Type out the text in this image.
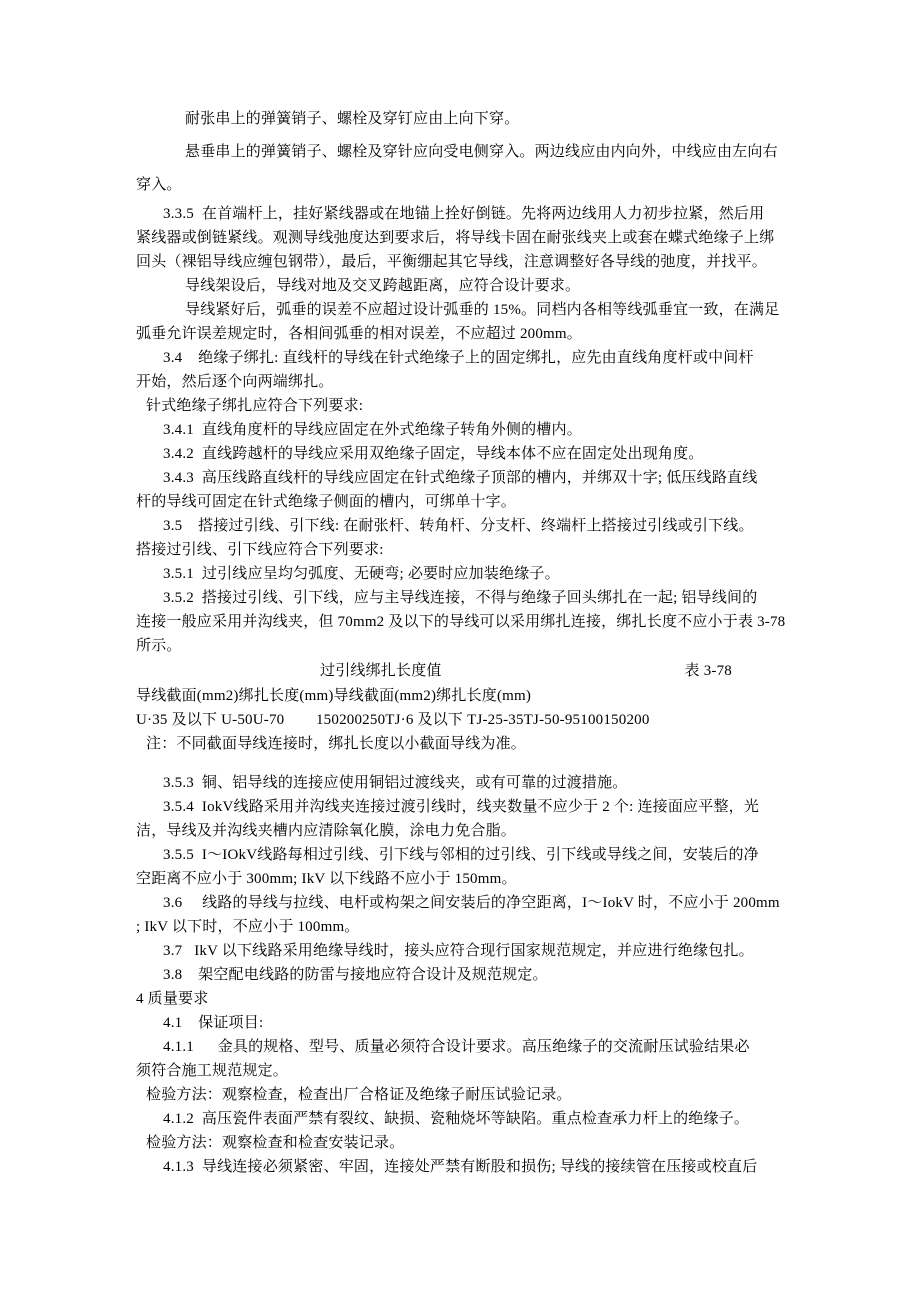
耐张串上的弹簧销子、螺栓及穿钉应由上向下穿。
悬垂串上的弹簧销子、螺栓及穿针应向受电侧穿入。两边线应由内向外，中线应由左向右
穿入。
3.3.5  在首端杆上，挂好紧线器或在地锚上拴好倒链。先将两边线用人力初步拉紧，然后用
紧线器或倒链紧线。观测导线弛度达到要求后，将导线卡固在耐张线夹上或套在蝶式绝缘子上绑
回头（裸铝导线应缠包钢带），最后，平衡绷起其它导线，注意调整好各导线的弛度，并找平。
导线架设后，导线对地及交叉跨越距离，应符合设计要求。
导线紧好后，弧垂的误差不应超过设计弧垂的 15%。同档内各相等线弧垂宜一致，在满足
弧垂允许误差规定时，各相间弧垂的相对误差，不应超过 200mm。
3.4    绝缘子绑扎: 直线杆的导线在针式绝缘子上的固定绑扎，应先由直线角度杆或中间杆
开始，然后逐个向两端绑扎。
针式绝缘子绑扎应符合下列要求:
3.4.1  直线角度杆的导线应固定在外式绝缘子转角外侧的槽内。
3.4.2  直线跨越杆的导线应采用双绝缘子固定，导线本体不应在固定处出现角度。
3.4.3  高压线路直线杆的导线应固定在针式绝缘子顶部的槽内，并绑双十字; 低压线路直线
杆的导线可固定在针式绝缘子侧面的槽内，可绑单十字。
3.5    搭接过引线、引下线: 在耐张杆、转角杆、分支杆、终端杆上搭接过引线或引下线。
搭接过引线、引下线应符合下列要求:
3.5.1  过引线应呈均匀弧度、无硬弯; 必要时应加装绝缘子。
3.5.2  搭接过引线、引下线，应与主导线连接，不得与绝缘子回头绑扎在一起; 铝导线间的
连接一般应采用并沟线夹，但 70mm2 及以下的导线可以采用绑扎连接，绑扎长度不应小于表 3-78
所示。
过引线绑扎长度值	表 3-78
导线截面(mm2)绑扎长度(mm)导线截面(mm2)绑扎长度(mm)
U·35 及以下 U-50U-70        150200250TJ·6 及以下 TJ-25-35TJ-50-95100150200
注：不同截面导线连接时，绑扎长度以小截面导线为准。
3.5.3  铜、铝导线的连接应使用铜铝过渡线夹，或有可靠的过渡措施。
3.5.4  IokV线路采用并沟线夹连接过渡引线时，线夹数量不应少于 2 个: 连接面应平整，光
洁，导线及并沟线夹槽内应清除氧化膜，涂电力免合脂。
3.5.5  I～IOkV线路每相过引线、引下线与邻相的过引线、引下线或导线之间，安装后的净
空距离不应小于 300mm; IkV 以下线路不应小于 150mm。
3.6     线路的导线与拉线、电杆或构架之间安装后的净空距离，I～IokV 时，不应小于 200mm
; IkV 以下时，不应小于 100mm。
3.7   IkV 以下线路采用绝缘导线时，接头应符合现行国家规范规定，并应进行绝缘包扎。
3.8    架空配电线路的防雷与接地应符合设计及规范规定。
4 质量要求
4.1    保证项目:
4.1.1      金具的规格、型号、质量必须符合设计要求。高压绝缘子的交流耐压试验结果必
须符合施工规范规定。
检验方法：观察检查，检查出厂合格证及绝缘子耐压试验记录。
4.1.2  高压瓷件表面严禁有裂纹、缺损、瓷釉烧坏等缺陷。重点检查承力杆上的绝缘子。
检验方法：观察检查和检查安装记录。
4.1.3  导线连接必须紧密、牢固，连接处严禁有断股和损伤; 导线的接续管在压接或校直后
